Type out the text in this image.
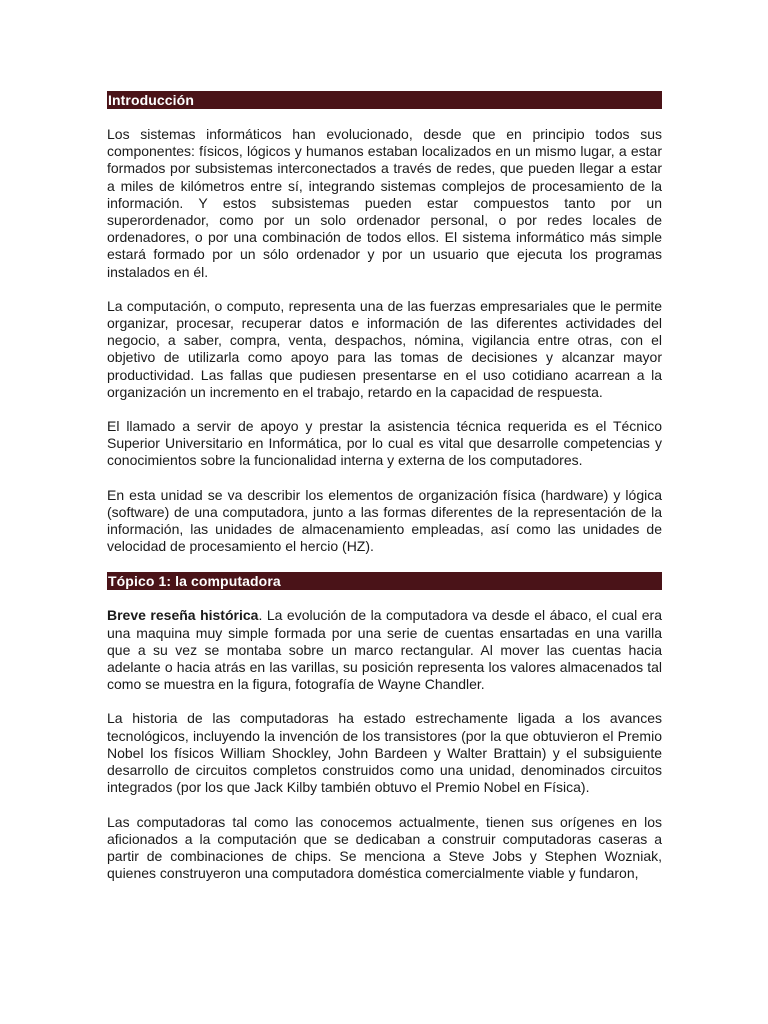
Introducción

Los sistemas informáticos han evolucionado, desde que en principio todos sus componentes: físicos, lógicos y humanos estaban localizados en un mismo lugar, a estar formados por subsistemas interconectados a través de redes, que pueden llegar a estar a miles de kilómetros entre sí, integrando sistemas complejos de procesamiento de la información. Y estos subsistemas pueden estar compuestos tanto por un superordenador, como por un solo ordenador personal, o por redes locales de ordenadores, o por una combinación de todos ellos. El sistema informático más simple estará formado por un sólo ordenador y por un usuario que ejecuta los programas instalados en él.

La computación, o computo, representa una de las fuerzas empresariales que le permite organizar, procesar, recuperar datos e información de las diferentes actividades del negocio, a saber, compra, venta, despachos, nómina, vigilancia entre otras, con el objetivo de utilizarla como apoyo para las tomas de decisiones y alcanzar mayor productividad. Las fallas que pudiesen presentarse en el uso cotidiano acarrean a la organización un incremento en el trabajo, retardo en la capacidad de respuesta.

El llamado a servir de apoyo y prestar la asistencia técnica requerida es el Técnico Superior Universitario en Informática, por lo cual es vital que desarrolle competencias y conocimientos sobre la funcionalidad interna y externa de los computadores.

En esta unidad se va describir los elementos de organización física (hardware) y lógica (software) de una computadora, junto a las formas diferentes de la representación de la información, las unidades de almacenamiento empleadas, así como las unidades de velocidad de procesamiento el hercio (HZ).

Tópico 1: la computadora

Breve reseña histórica. La evolución de la computadora va desde el ábaco, el cual era una maquina muy simple formada por una serie de cuentas ensartadas en una varilla que a su vez se montaba sobre un marco rectangular. Al mover las cuentas hacia adelante o hacia atrás en las varillas, su posición representa los valores almacenados tal como se muestra en la figura, fotografía de Wayne Chandler.

La historia de las computadoras ha estado estrechamente ligada a los avances tecnológicos, incluyendo la invención de los transistores (por la que obtuvieron el Premio Nobel los físicos William Shockley, John Bardeen y Walter Brattain) y el subsiguiente desarrollo de circuitos completos construidos como una unidad, denominados circuitos integrados (por los que Jack Kilby también obtuvo el Premio Nobel en Física).

Las computadoras tal como las conocemos actualmente, tienen sus orígenes en los aficionados a la computación que se dedicaban a construir computadoras caseras a partir de combinaciones de chips. Se menciona a Steve Jobs y Stephen Wozniak, quienes construyeron una computadora doméstica comercialmente viable y fundaron,
